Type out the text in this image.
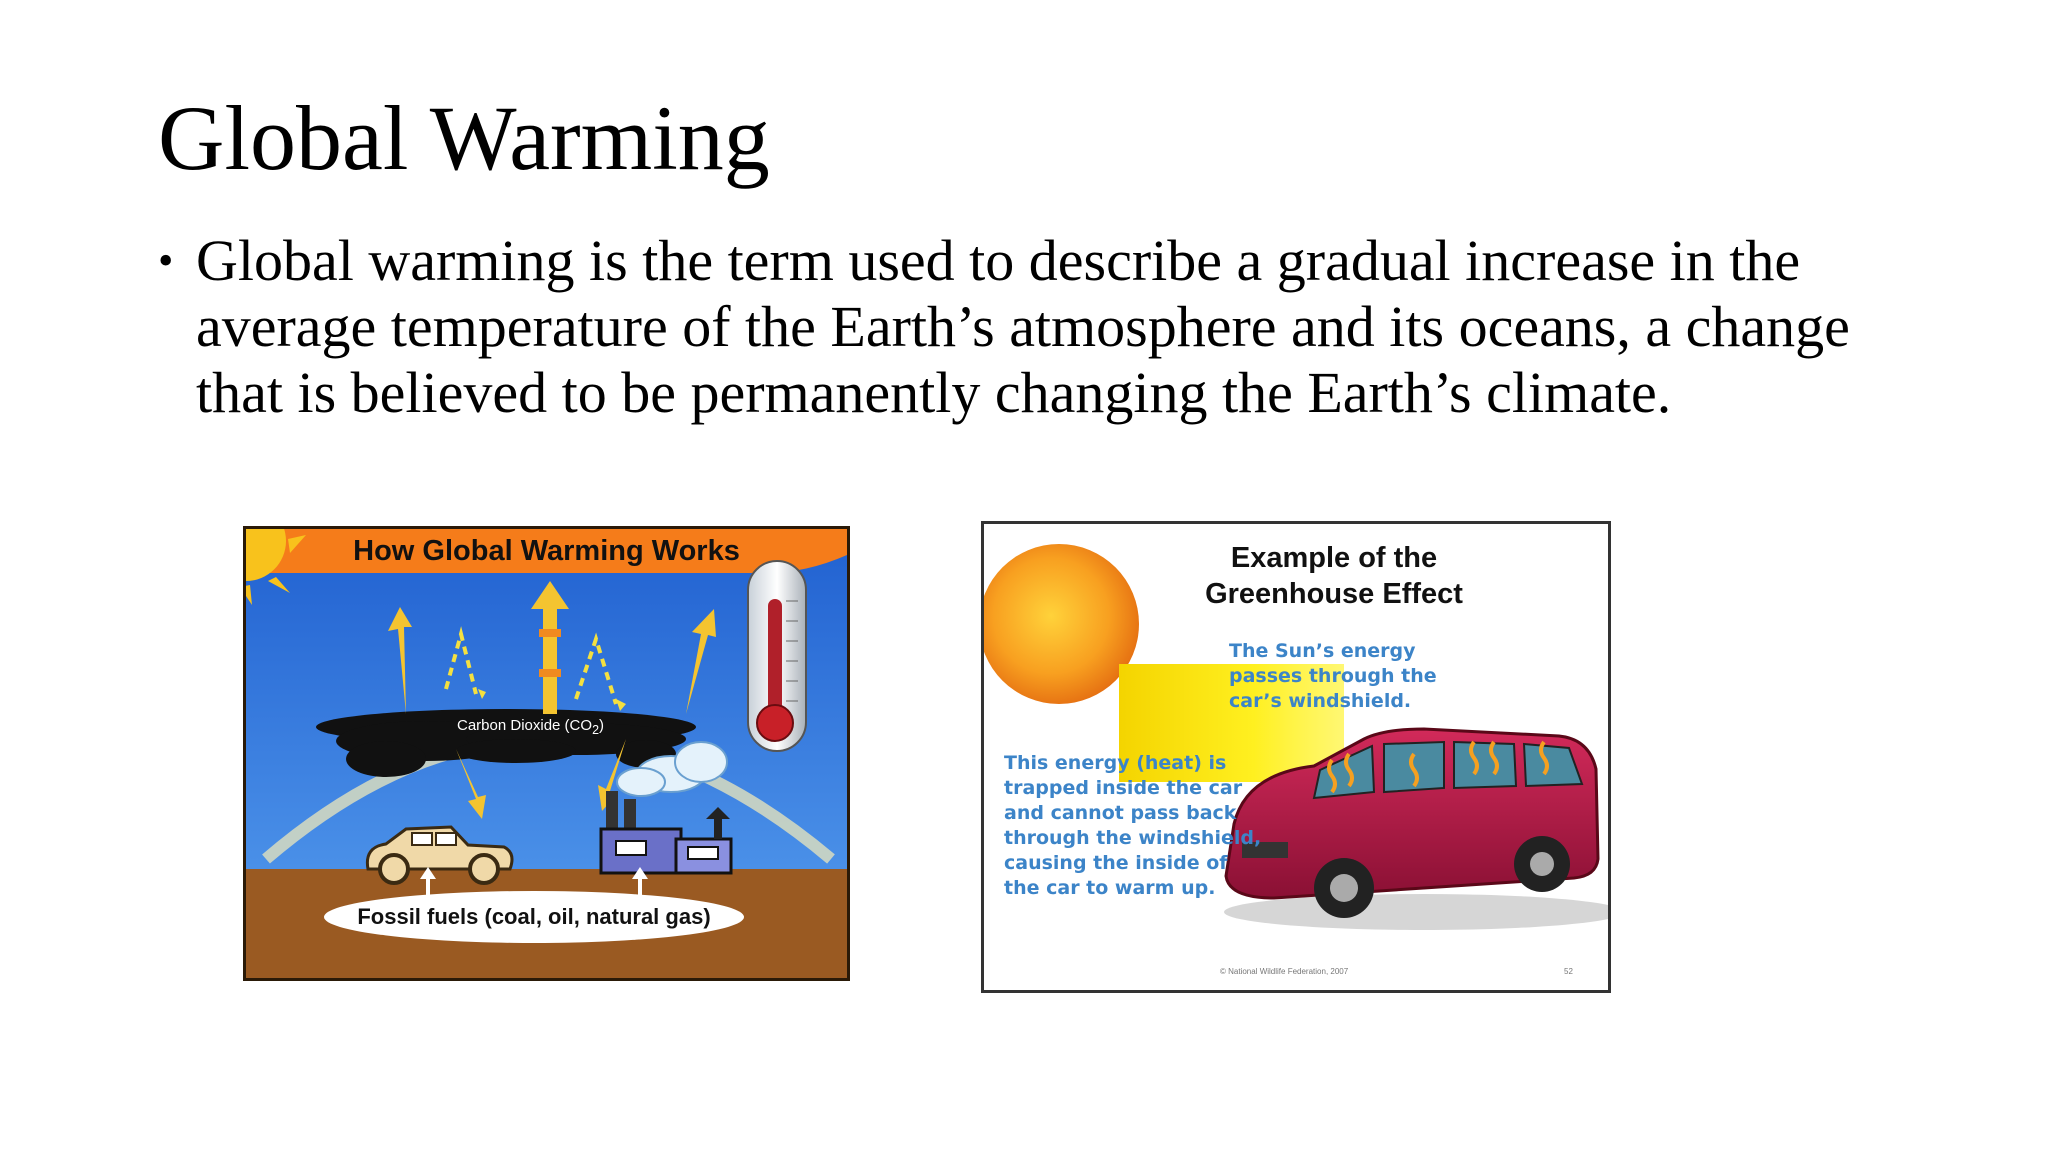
Global Warming
• Global warming is the term used to describe a gradual increase in the average temperature of the Earth’s atmosphere and its oceans, a change that is believed to be permanently changing the Earth’s climate.

How Global Warming Works
Carbon Dioxide $(CO_2)$
Fossil fuels (coal, oil, natural gas)
Example of the Greenhouse Effect

The Sun’s energy passes through the car’s windshield.

This energy (heat) is trapped inside the car and cannot pass back through the windshield, causing the inside of the car to warm up.

© National Wildlife Federation, 2007	52
